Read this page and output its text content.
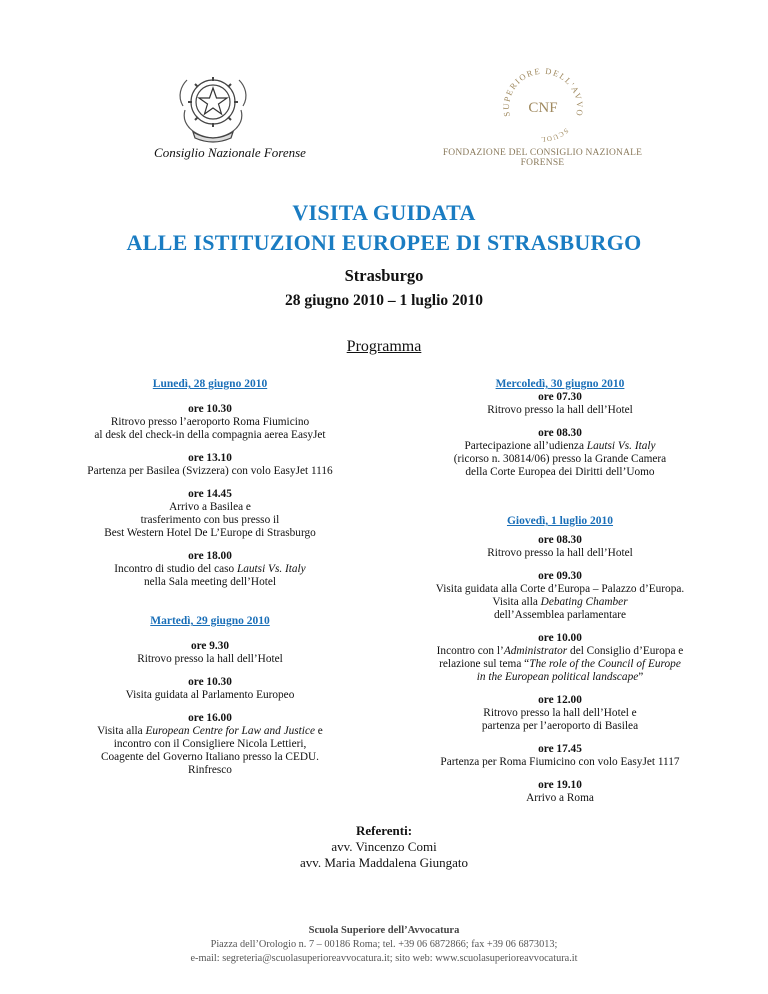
Consiglio Nazionale Forense
SUPERIORE DELL'AVVO
SCUOL
CNF
FONDAZIONE DEL CONSIGLIO NAZIONALE FORENSE
VISITA GUIDATA
ALLE ISTITUZIONI EUROPEE DI STRASBURGO
Strasburgo
28 giugno 2010 – 1 luglio 2010
Programma
Lunedì, 28 giugno 2010
ore 10.30
Ritrovo presso l’aeroporto Roma Fiumicino
al desk del check-in della compagnia aerea EasyJet
ore 13.10
Partenza per Basilea (Svizzera) con volo EasyJet 1116
ore 14.45
Arrivo a Basilea e
trasferimento con bus presso il
Best Western Hotel De L’Europe di Strasburgo
ore 18.00
Incontro di studio del caso Lautsi Vs. Italy
nella Sala meeting dell’Hotel
Martedì, 29 giugno 2010
ore 9.30
Ritrovo presso la hall dell’Hotel
ore 10.30
Visita guidata al Parlamento Europeo
ore 16.00
Visita alla European Centre for Law and Justice e
incontro con il Consigliere Nicola Lettieri,
Coagente del Governo Italiano presso la CEDU.
Rinfresco
Mercoledì, 30 giugno 2010
ore 07.30
Ritrovo presso la hall dell’Hotel
ore 08.30
Partecipazione all’udienza Lautsi Vs. Italy
(ricorso n. 30814/06) presso la Grande Camera
della Corte Europea dei Diritti dell’Uomo
Giovedì, 1 luglio 2010
ore 08.30
Ritrovo presso la hall dell’Hotel
ore 09.30
Visita guidata alla Corte d’Europa – Palazzo d’Europa.
Visita alla Debating Chamber
dell’Assemblea parlamentare
ore 10.00
Incontro con l’Administrator del Consiglio d’Europa e
relazione sul tema “The role of the Council of Europe
in the European political landscape”
ore 12.00
Ritrovo presso la hall dell’Hotel e
partenza per l’aeroporto di Basilea
ore 17.45
Partenza per Roma Fiumicino con volo EasyJet 1117
ore 19.10
Arrivo a Roma
Referenti:
avv. Vincenzo Comi
avv. Maria Maddalena Giungato
Scuola Superiore dell’Avvocatura
Piazza dell’Orologio n. 7 – 00186 Roma; tel. +39 06 6872866; fax +39 06 6873013;
e-mail: segreteria@scuolasuperioreavvocatura.it; sito web: www.scuolasuperioreavvocatura.it
